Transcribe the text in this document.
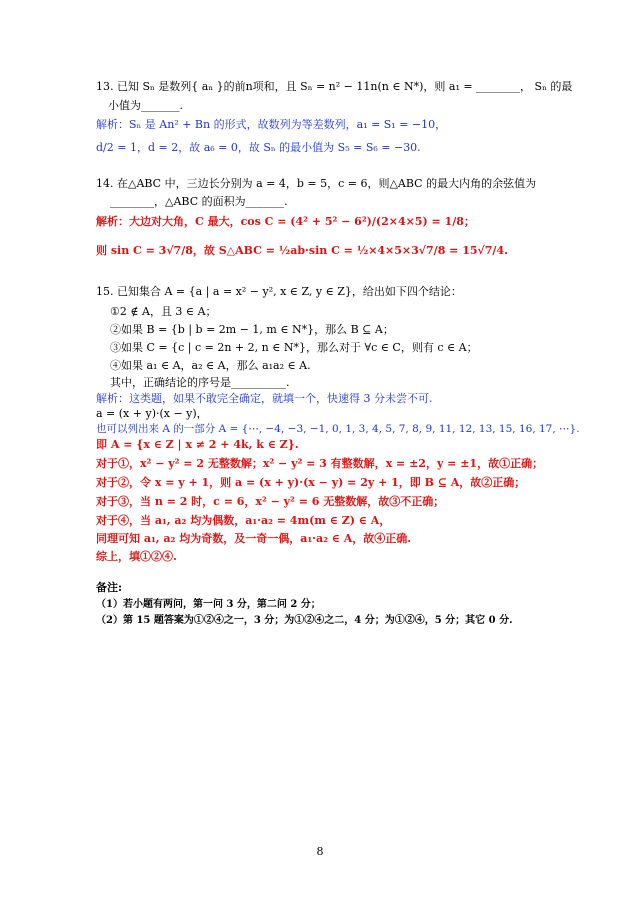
13. 已知 Sₙ 是数列{ aₙ }的前n项和，且 Sₙ = n² − 11n(n ∈ N*)，则 a₁ = ________， Sₙ 的最
小值为_______.
解析：Sₙ 是 An² + Bn 的形式，故数列为等差数列，a₁ = S₁ = −10，
d/2 = 1，d = 2，故 a₆ = 0，故 Sₙ 的最小值为 S₅ = S₆ = −30.
14. 在△ABC 中，三边长分别为 a = 4，b = 5，c = 6，则△ABC 的最大内角的余弦值为
________，△ABC 的面积为_______.
解析：大边对大角，C 最大，cos C = (4² + 5² − 6²)/(2×4×5) = 1/8；
则 sin C = 3√7/8，故 S△ABC = ½ab·sin C = ½×4×5×3√7/8 = 15√7/4.
15. 已知集合 A = {a | a = x² − y², x ∈ Z, y ∈ Z}，给出如下四个结论：
①2 ∉ A，且 3 ∈ A；
②如果 B = {b | b = 2m − 1, m ∈ N*}，那么 B ⊆ A；
③如果 C = {c | c = 2n + 2, n ∈ N*}，那么对于 ∀c ∈ C，则有 c ∈ A；
④如果 a₁ ∈ A，a₂ ∈ A，那么 a₁a₂ ∈ A.
其中，正确结论的序号是__________.
解析：这类题，如果不敢完全确定，就填一个，快速得 3 分未尝不可.
a = (x + y)·(x − y)，
也可以列出来 A 的一部分 A = {⋯, −4, −3, −1, 0, 1, 3, 4, 5, 7, 8, 9, 11, 12, 13, 15, 16, 17, ⋯}.
即 A = {x ∈ Z | x ≠ 2 + 4k, k ∈ Z}.
对于①，x² − y² = 2 无整数解；x² − y² = 3 有整数解，x = ±2，y = ±1，故①正确；
对于②，令 x = y + 1，则 a = (x + y)·(x − y) = 2y + 1，即 B ⊆ A，故②正确；
对于③，当 n = 2 时，c = 6，x² − y² = 6 无整数解，故③不正确；
对于④，当 a₁, a₂ 均为偶数，a₁·a₂ = 4m(m ∈ Z) ∈ A，
同理可知 a₁, a₂ 均为奇数，及一奇一偶，a₁·a₂ ∈ A，故④正确.
综上，填①②④.
备注:
（1）若小题有两问，第一问 3 分，第二问 2 分；
（2）第 15 题答案为①②④之一，3 分；为①②④之二，4 分；为①②④，5 分；其它 0 分.
8
